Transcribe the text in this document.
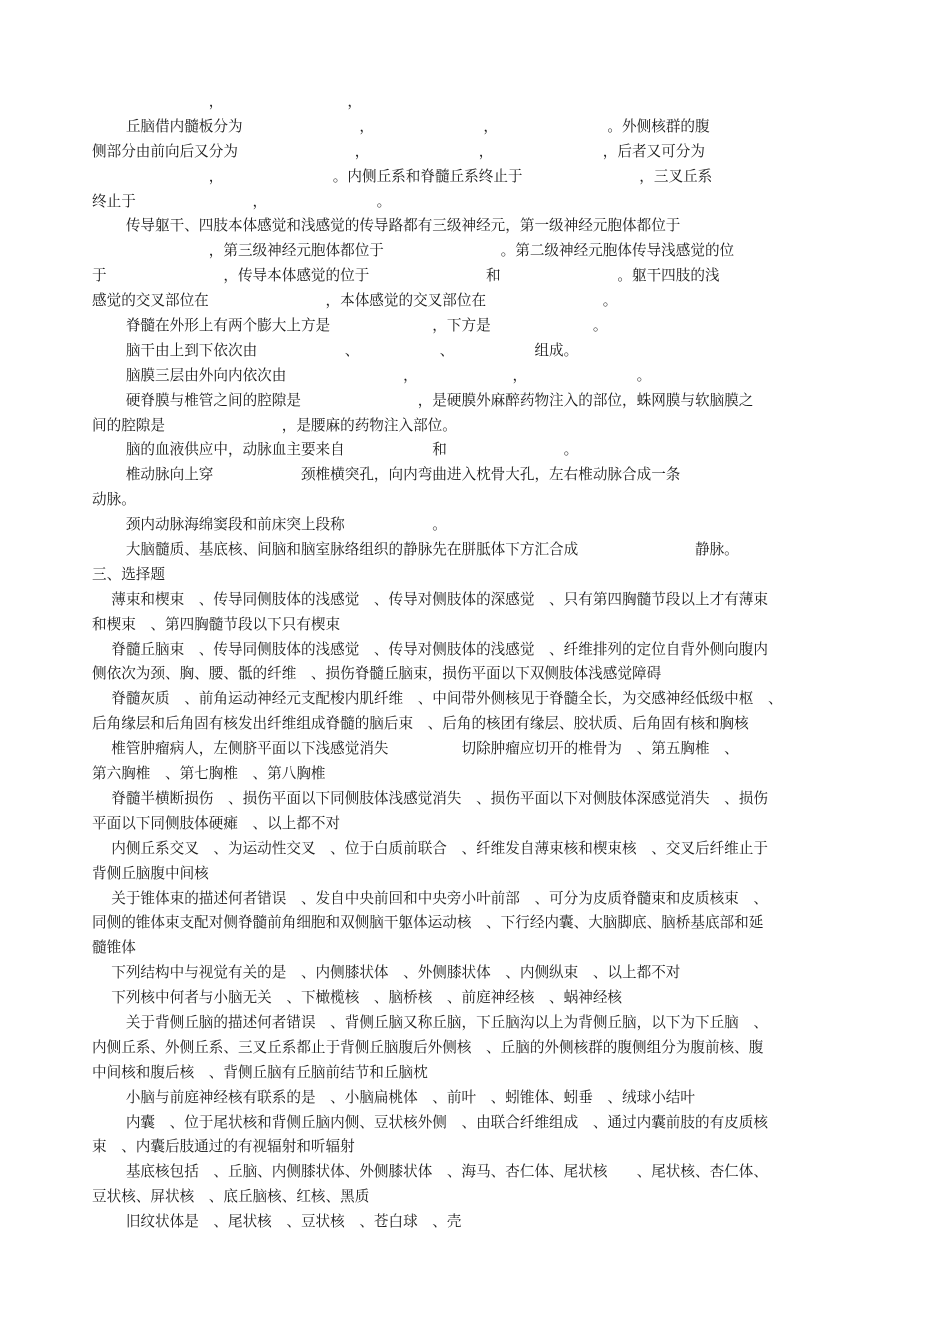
　　　　　　　　，　　　　　　　　　，　　　　　　　
　　 丘脑借内髓板分为　　　　　　　　，　　　　　　　　，　　　　　　　　。外侧核群的腹
侧部分由前向后又分为　　　　　　　　，　　　　　　　　，　　　　　　　　，后者又可分为
　　　　　　　　，　　　　　　　　。内侧丘系和脊髓丘系终止于　　　　　　　　，三叉丘系
终止于　　　　　　　　，　　　　　　　　。
　　 传导躯干、四肢本体感觉和浅感觉的传导路都有三级神经元，第一级神经元胞体都位于
　　　　　　　　，第三级神经元胞体都位于　　　　　　　　。第二级神经元胞体传导浅感觉的位
于　　　　　　　　，传导本体感觉的位于　　　　　　　　和　　　　　　　　。躯干四肢的浅
感觉的交叉部位在　　　　　　　　，本体感觉的交叉部位在　　　　　　　　。
　　 脊髓在外形上有两个膨大上方是　　　　　　　，下方是　　　　　　　。
　　 脑干由上到下依次由　　　　　　、　　　　　　、　　　　　　组成。
　　 脑膜三层由外向内依次由　　　　　　　　，　　　　　　　，　　　　　　　　。
　　 硬脊膜与椎管之间的腔隙是　　　　　　　　，是硬膜外麻醉药物注入的部位，蛛网膜与软脑膜之
间的腔隙是　　　　　　　　，是腰麻的药物注入部位。
　　 脑的血液供应中，动脉血主要来自　　　　　　和　　　　　　　　。
　　 椎动脉向上穿　　　　　　颈椎横突孔，向内弯曲进入枕骨大孔，左右椎动脉合成一条　　　　　　
动脉。
　　 颈内动脉海绵窦段和前床突上段称　　　　　　。
　　 大脑髓质、基底核、间脑和脑室脉络组织的静脉先在胼胝体下方汇合成　　　　　　　　静脉。
三、选择题
　 薄束和楔束　、传导同侧肢体的浅感觉　、传导对侧肢体的深感觉　、只有第四胸髓节段以上才有薄束
和楔束　、第四胸髓节段以下只有楔束
　 脊髓丘脑束　、传导同侧肢体的浅感觉　、传导对侧肢体的浅感觉　、纤维排列的定位自背外侧向腹内
侧依次为颈、胸、腰、骶的纤维　、损伤脊髓丘脑束，损伤平面以下双侧肢体浅感觉障碍
　 脊髓灰质　、前角运动神经元支配梭内肌纤维　、中间带外侧核见于脊髓全长，为交感神经低级中枢　、
后角缘层和后角固有核发出纤维组成脊髓的脑后束　、后角的核团有缘层、胶状质、后角固有核和胸核
　 椎管肿瘤病人，左侧脐平面以下浅感觉消失　　　　　切除肿瘤应切开的椎骨为　、第五胸椎　、
第六胸椎　、第七胸椎　、第八胸椎
　 脊髓半横断损伤　、损伤平面以下同侧肢体浅感觉消失　、损伤平面以下对侧肢体深感觉消失　、损伤
平面以下同侧肢体硬瘫　、以上都不对
　 内侧丘系交叉　、为运动性交叉　、位于白质前联合　、纤维发自薄束核和楔束核　、交叉后纤维止于
背侧丘脑腹中间核
　 关于锥体束的描述何者错误　、发自中央前回和中央旁小叶前部　、可分为皮质脊髓束和皮质核束　、
同侧的锥体束支配对侧脊髓前角细胞和双侧脑干躯体运动核　、下行经内囊、大脑脚底、脑桥基底部和延
髓锥体
　 下列结构中与视觉有关的是　、内侧膝状体　、外侧膝状体　、内侧纵束　、以上都不对
　 下列核中何者与小脑无关　、下橄榄核　、脑桥核　、前庭神经核　、蜗神经核
　　 关于背侧丘脑的描述何者错误　、背侧丘脑又称丘脑，下丘脑沟以上为背侧丘脑，以下为下丘脑　、
内侧丘系、外侧丘系、三叉丘系都止于背侧丘脑腹后外侧核　、丘脑的外侧核群的腹侧组分为腹前核、腹
中间核和腹后核　、背侧丘脑有丘脑前结节和丘脑枕
　　 小脑与前庭神经核有联系的是　、小脑扁桃体　、前叶　、蚓锥体、蚓垂　、绒球小结叶
　　 内囊　、位于尾状核和背侧丘脑内侧、豆状核外侧　、由联合纤维组成　、通过内囊前肢的有皮质核
束　、内囊后肢通过的有视辐射和听辐射
　　 基底核包括　、丘脑、内侧膝状体、外侧膝状体　、海马、杏仁体、尾状核　　、尾状核、杏仁体、
豆状核、屏状核　、底丘脑核、红核、黑质
　　 旧纹状体是　、尾状核　、豆状核　、苍白球　、壳
